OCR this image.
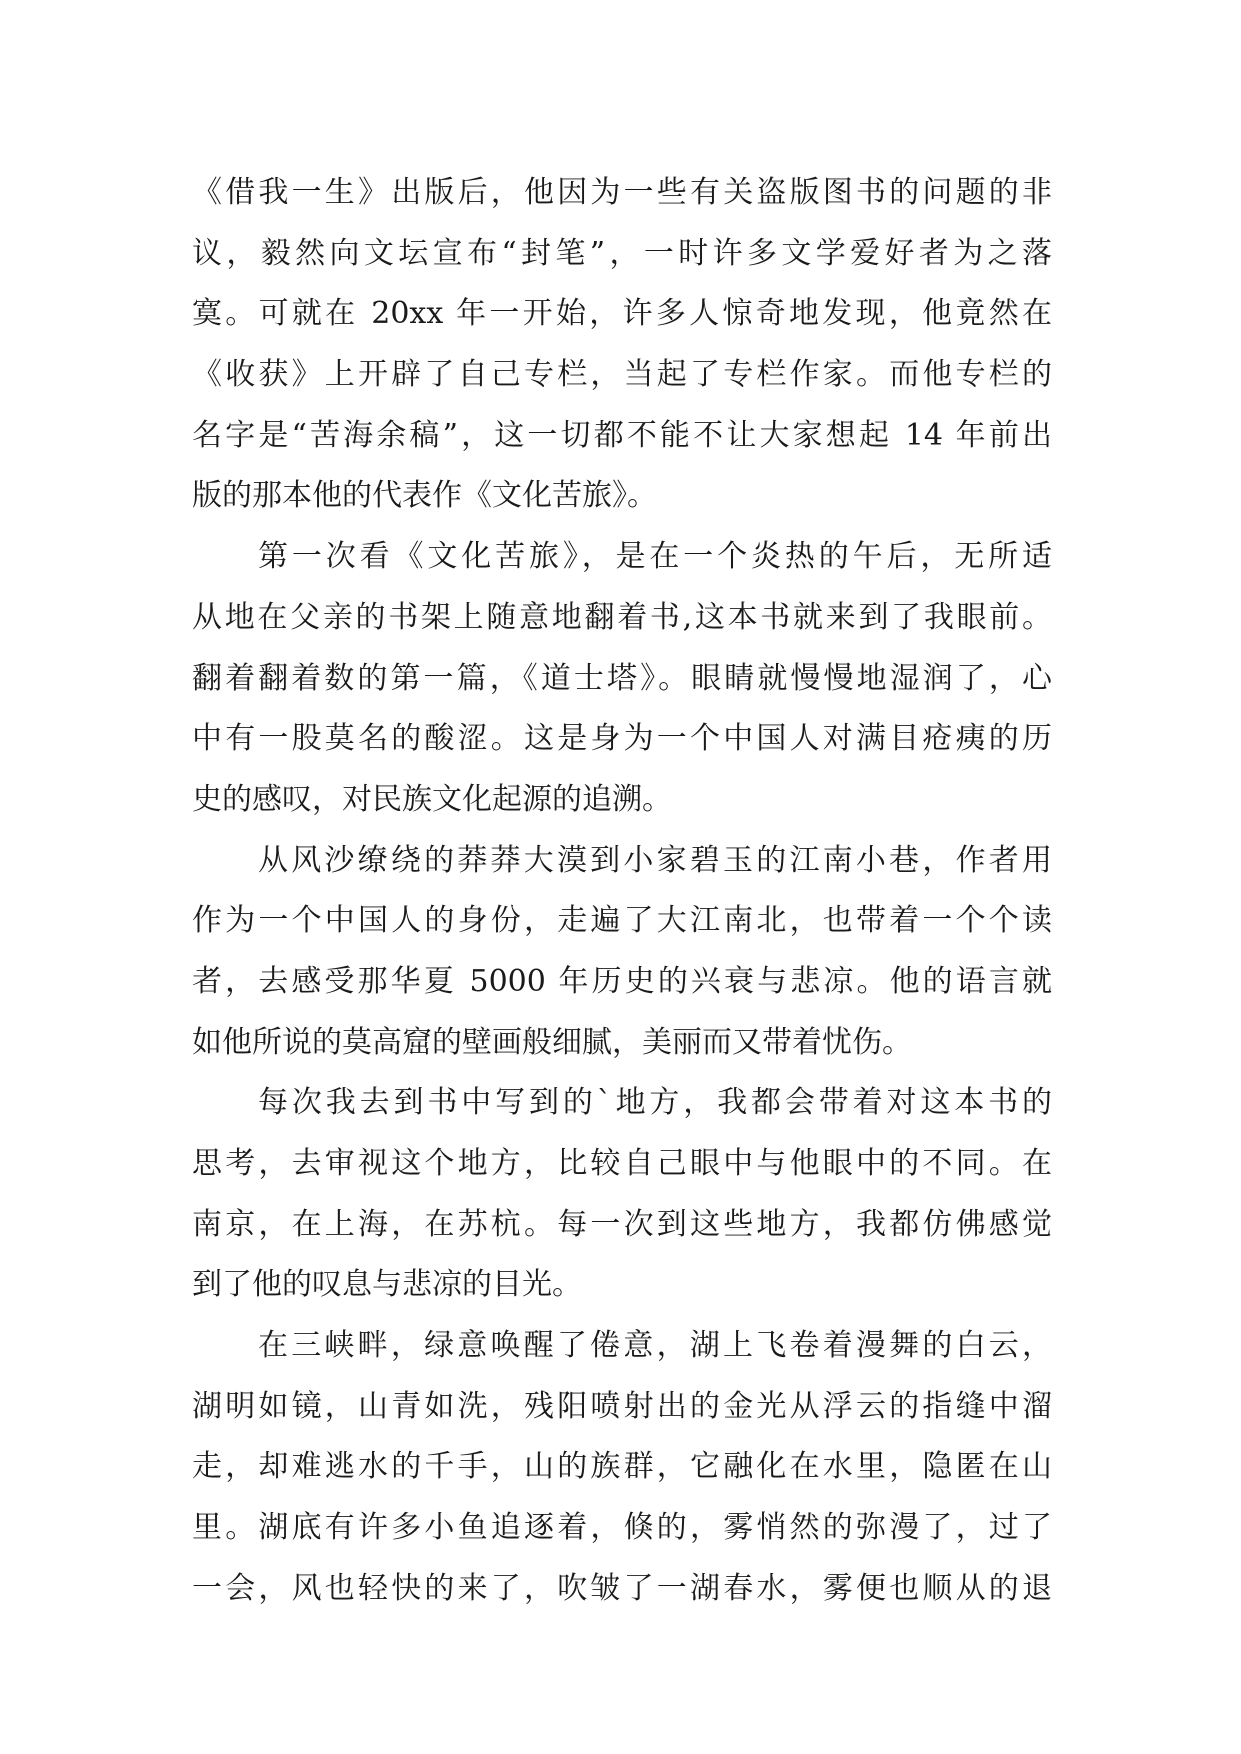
《借我一生》出版后，他因为一些有关盗版图书的问题的非
议，毅然向文坛宣布“封笔”，一时许多文学爱好者为之落
寞。可就在 20xx 年一开始，许多人惊奇地发现，他竟然在
《收获》上开辟了自己专栏，当起了专栏作家。而他专栏的
名字是“苦海余稿”，这一切都不能不让大家想起 14 年前出
版的那本他的代表作《文化苦旅》。
第一次看《文化苦旅》，是在一个炎热的午后，无所适
从地在父亲的书架上随意地翻着书,这本书就来到了我眼前。
翻着翻着数的第一篇，《道士塔》。眼睛就慢慢地湿润了，心
中有一股莫名的酸涩。这是身为一个中国人对满目疮痍的历
史的感叹，对民族文化起源的追溯。
从风沙缭绕的莽莽大漠到小家碧玉的江南小巷，作者用
作为一个中国人的身份，走遍了大江南北，也带着一个个读
者，去感受那华夏 5000 年历史的兴衰与悲凉。他的语言就
如他所说的莫高窟的壁画般细腻，美丽而又带着忧伤。
每次我去到书中写到的`地方，我都会带着对这本书的
思考，去审视这个地方，比较自己眼中与他眼中的不同。在
南京，在上海，在苏杭。每一次到这些地方，我都仿佛感觉
到了他的叹息与悲凉的目光。
在三峡畔，绿意唤醒了倦意，湖上飞卷着漫舞的白云，
湖明如镜，山青如洗，残阳喷射出的金光从浮云的指缝中溜
走，却难逃水的千手，山的族群，它融化在水里，隐匿在山
里。湖底有许多小鱼追逐着，倏的，雾悄然的弥漫了，过了
一会，风也轻快的来了，吹皱了一湖春水，雾便也顺从的退
